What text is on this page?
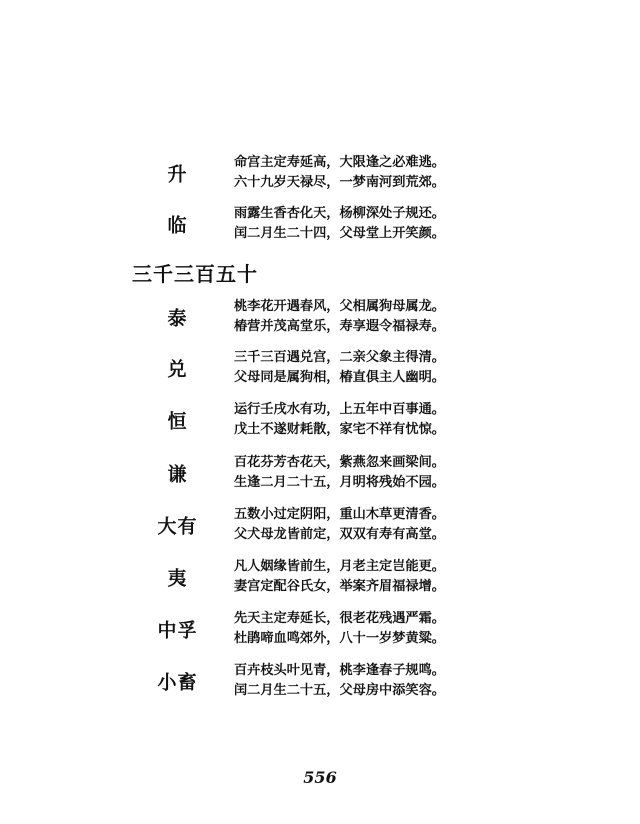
升
命宫主定寿延高，大限逢之必难逃。
六十九岁天禄尽，一梦南河到荒郊。
临
雨露生香杏化天，杨柳深处子规还。
闰二月生二十四，父母堂上开笑颜。
三千三百五十
泰
桃李花开遇春风，父相属狗母属龙。
椿营并茂高堂乐，寿享遐令福禄寿。
兑
三千三百遇兑宫，二亲父象主得清。
父母同是属狗相，椿直俱主人幽明。
恒
运行壬戌水有功，上五年中百事通。
戊土不遂财耗散，家宅不祥有忧惊。
谦
百花芬芳杏花天，紫燕忽来画梁间。
生逢二月二十五，月明将残始不园。
大有
五数小过定阴阳，重山木草更清香。
父犬母龙皆前定，双双有寿有高堂。
夷
凡人姻缘皆前生，月老主定岂能更。
妻宫定配谷氏女，举案齐眉福禄增。
中孚
先天主定寿延长，很老花残遇严霜。
杜鹃啼血鸣郊外，八十一岁梦黄粱。
小畜
百卉枝头叶见青，桃李逢春子规鸣。
闰二月生二十五，父母房中添笑容。
556
